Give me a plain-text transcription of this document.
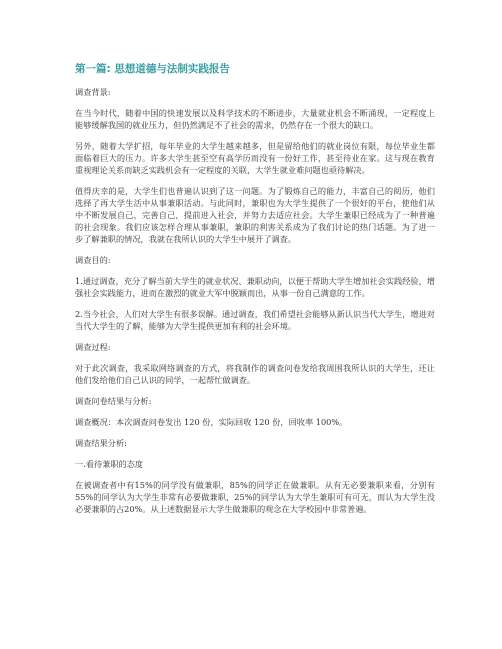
第一篇: 思想道德与法制实践报告

调查背景:

在当今时代，随着中国的快速发展以及科学技术的不断进步，大量就业机会不断涌现，一定程度上能够缓解我国的就业压力，但仍然满足不了社会的需求，仍然存在一个很大的缺口。

另外，随着大学扩招，每年毕业的大学生越来越多，但是留给他们的就业岗位有限，每位毕业生都面临着巨大的压力。许多大学生甚至空有高学历而没有一份好工作，甚至待业在家。这与现在教育重视理论关系而缺乏实践机会有一定程度的关联，大学生就业难问题也亟待解决。

值得庆幸的是，大学生们也普遍认识到了这一问题。为了锻炼自己的能力，丰富自己的阅历，他们选择了再大学生活中从事兼职活动。与此同时，兼职也为大学生提供了一个很好的平台，使他们从中不断发展自己，完善自己，提前进入社会，并努力去适应社会。大学生兼职已经成为了一种普遍的社会现象。我们应该怎样合理从事兼职，兼职的利害关系成为了我们讨论的热门话题。为了进一步了解兼职的情况，我就在我所认识的大学生中展开了调查。

调查目的:

1.通过调查，充分了解当前大学生的就业状况、兼职动向，以便于帮助大学生增加社会实践经验，增强社会实践能力，进而在激烈的就业大军中脱颖而出，从事一份自己满意的工作。

2.当今社会，人们对大学生有很多误解。通过调查，我们希望社会能够从新认识当代大学生，增进对当代大学生的了解，能够为大学生提供更加有利的社会环境。

调查过程:

对于此次调查，我采取网络调查的方式，将我制作的调查问卷发给我周围我所认识的大学生，还让他们发给他们自己认识的同学，一起帮忙做调查。

调查问卷结果与分析:

调查概况：本次调查问卷发出 120 份，实际回收 120 份，回收率 100%。

调查结果分析:

一.看待兼职的态度

在被调查者中有15%的同学没有做兼职，85%的同学正在做兼职。从有无必要兼职来看，分别有55%的同学认为大学生非常有必要做兼职，25%的同学认为大学生兼职可有可无，而认为大学生没必要兼职的占20%。从上述数据显示大学生做兼职的观念在大学校园中非常普遍。
